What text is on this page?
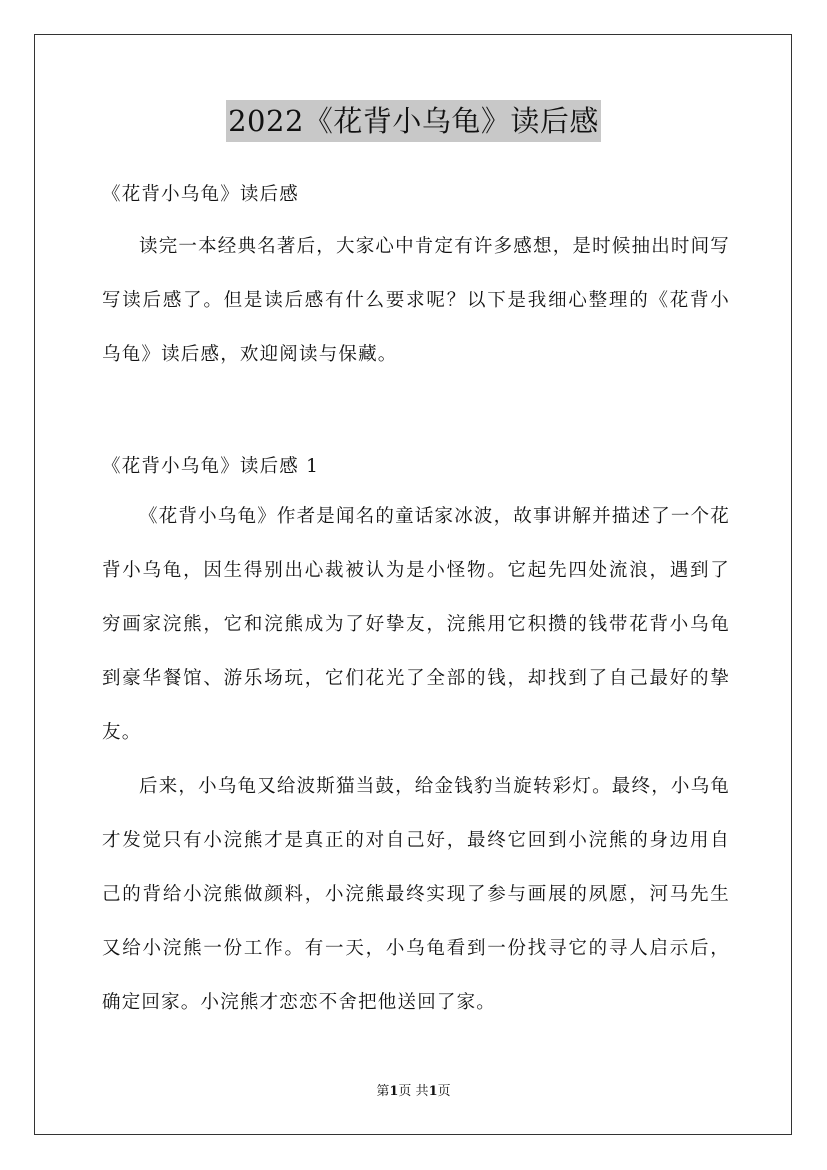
2022《花背小乌龟》读后感
《花背小乌龟》读后感

读完一本经典名著后，大家心中肯定有许多感想，是时候抽出时间写写读后感了。但是读后感有什么要求呢？以下是我细心整理的《花背小乌龟》读后感，欢迎阅读与保藏。

《花背小乌龟》读后感 1

《花背小乌龟》作者是闻名的童话家冰波，故事讲解并描述了一个花背小乌龟，因生得别出心裁被认为是小怪物。它起先四处流浪，遇到了穷画家浣熊，它和浣熊成为了好挚友，浣熊用它积攒的钱带花背小乌龟到豪华餐馆、游乐场玩，它们花光了全部的钱，却找到了自己最好的挚友。

后来，小乌龟又给波斯猫当鼓，给金钱豹当旋转彩灯。最终，小乌龟才发觉只有小浣熊才是真正的对自己好，最终它回到小浣熊的身边用自己的背给小浣熊做颜料，小浣熊最终实现了参与画展的夙愿，河马先生又给小浣熊一份工作。有一天，小乌龟看到一份找寻它的寻人启示后，确定回家。小浣熊才恋恋不舍把他送回了家。

第1页 共1页
